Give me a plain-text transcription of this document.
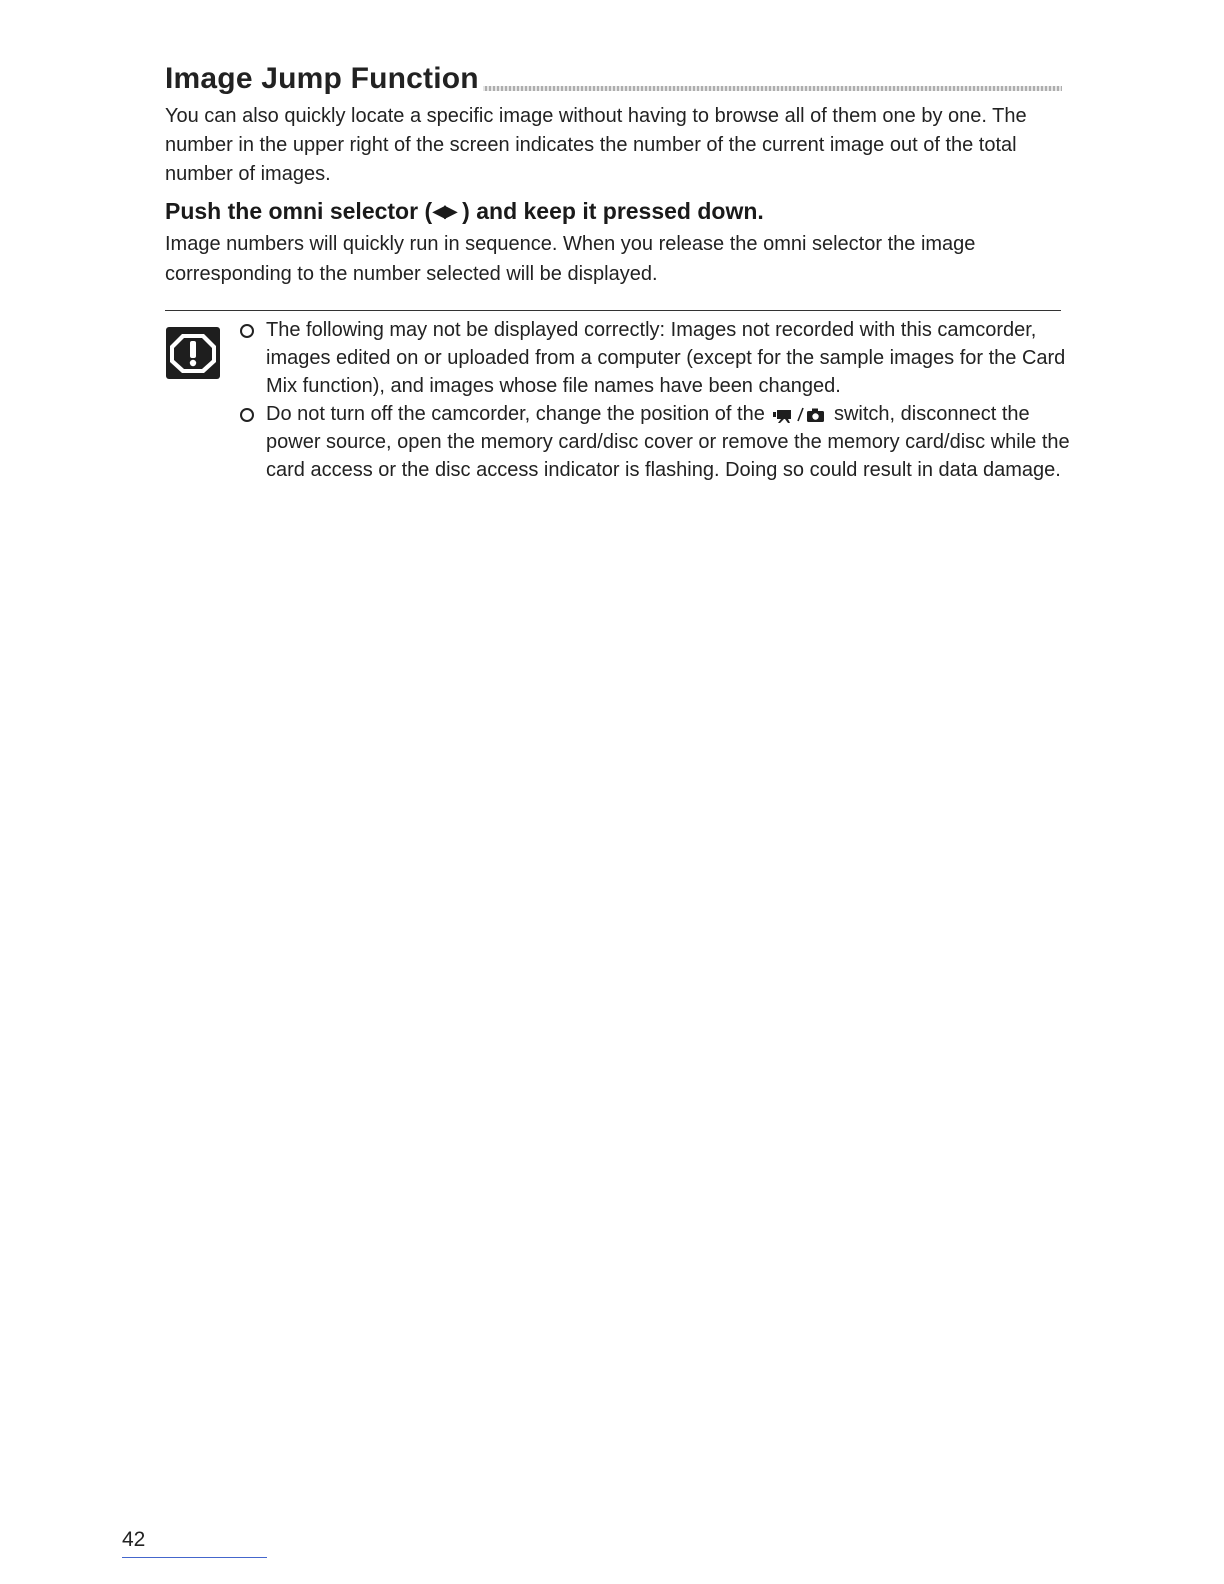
Image Jump Function

You can also quickly locate a specific image without having to browse all of them one by one. The number in the upper right of the screen indicates the number of the current image out of the total number of images.

Push the omni selector (◀▶ ) and keep it pressed down.

Image numbers will quickly run in sequence. When you release the omni selector the image corresponding to the number selected will be displayed.

The following may not be displayed correctly: Images not recorded with this camcorder, images edited on or uploaded from a computer (except for the sample images for the Card Mix function), and images whose file names have been changed.
Do not turn off the camcorder, change the position of the	switch, disconnect the power source, open the memory card/disc cover or remove the memory card/disc while the card access or the disc access indicator is flashing. Doing so could result in data damage.
42
